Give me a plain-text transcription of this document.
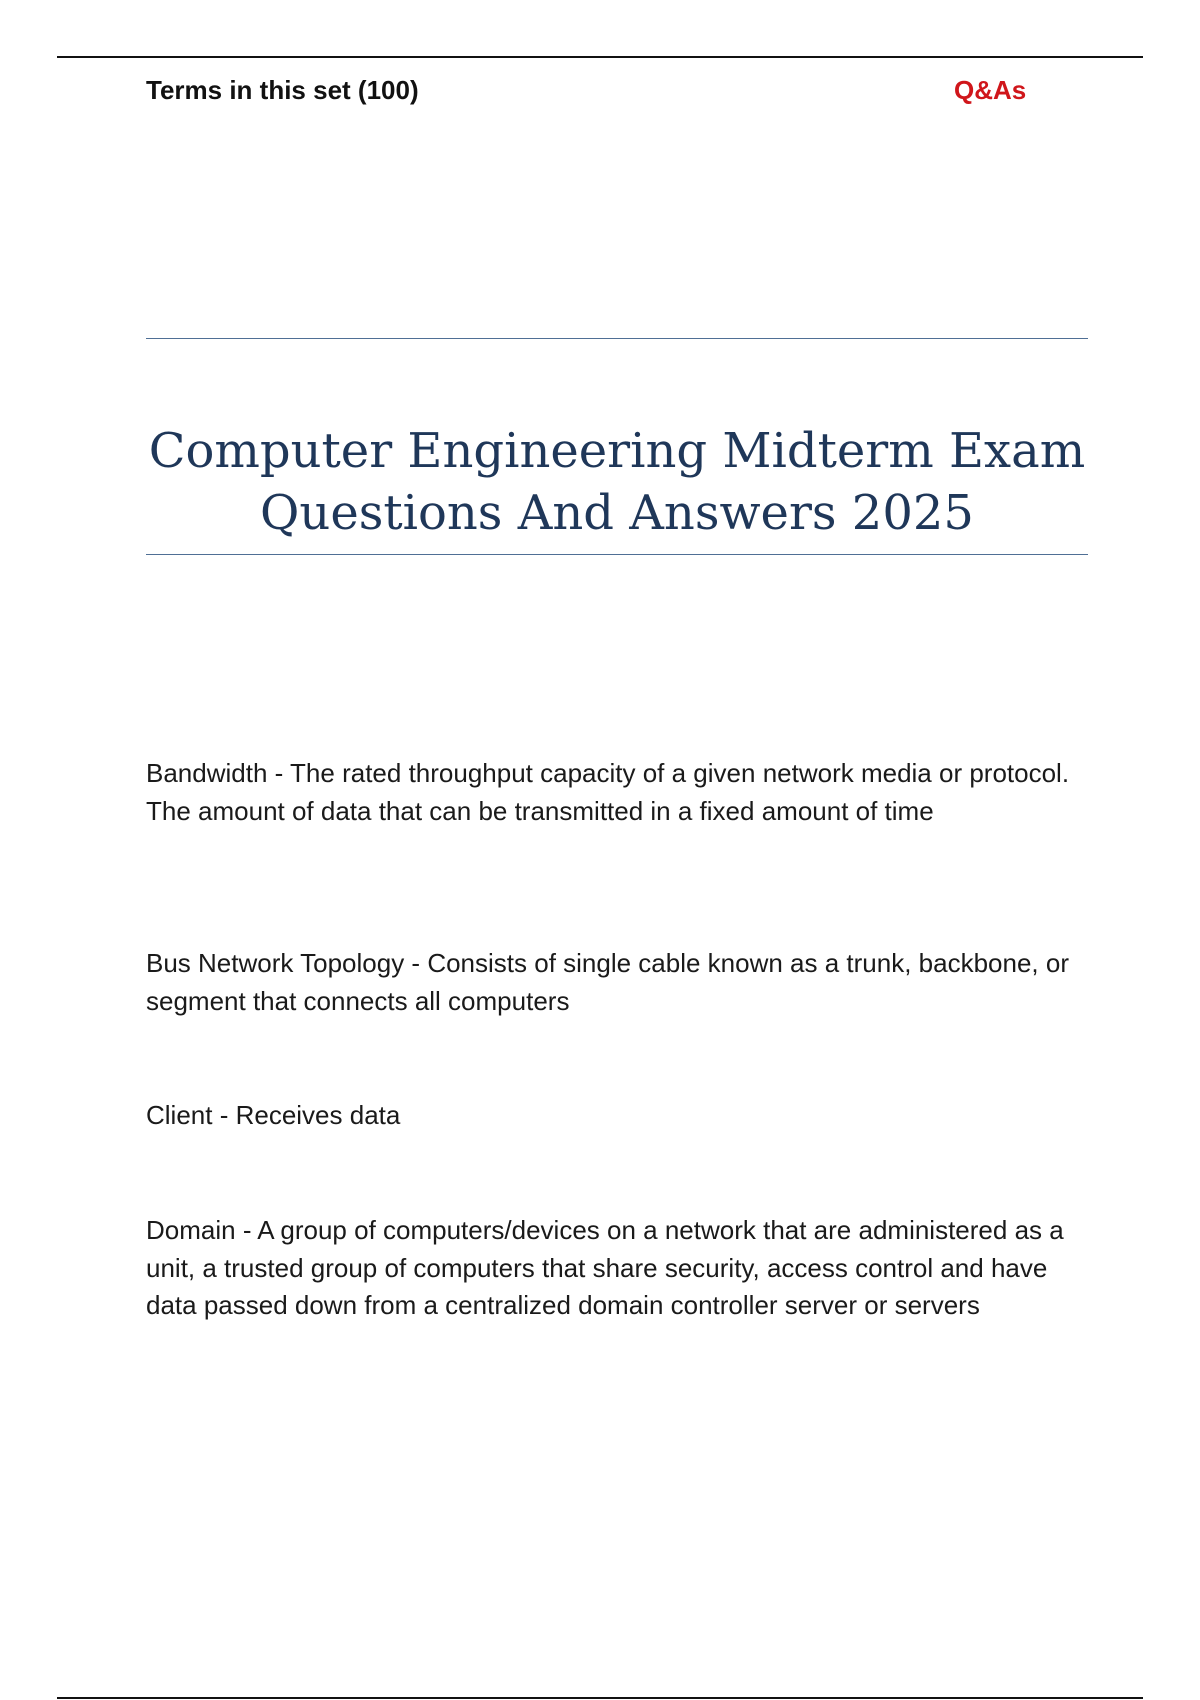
Terms in this set (100)	Q&As
Computer Engineering Midterm Exam
Questions And Answers 2025

Bandwidth - The rated throughput capacity of a given network media or protocol. The amount of data that can be transmitted in a fixed amount of time

Bus Network Topology - Consists of single cable known as a trunk, backbone, or segment that connects all computers

Client - Receives data

Domain - A group of computers/devices on a network that are administered as a unit, a trusted group of computers that share security, access control and have data passed down from a centralized domain controller server or servers
